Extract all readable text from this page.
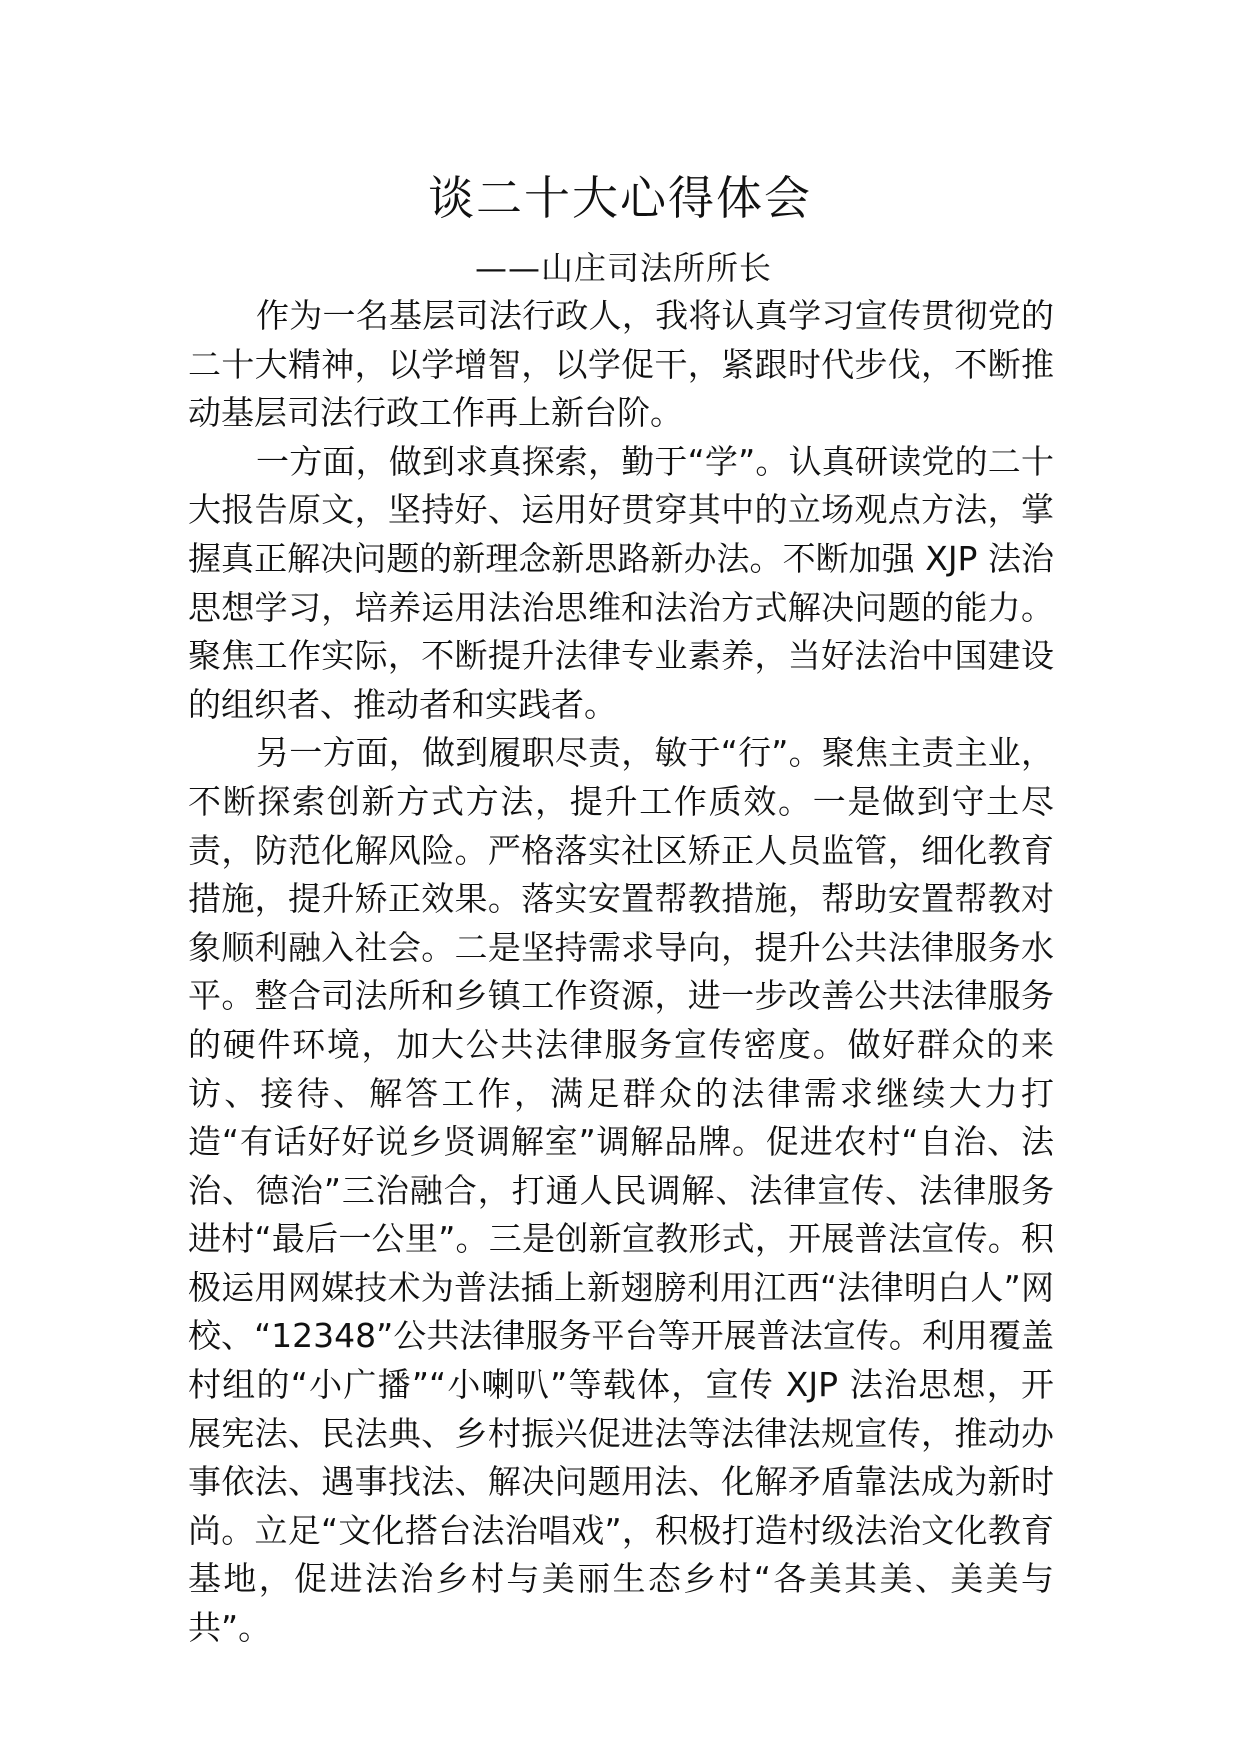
谈二十大心得体会
——山庄司法所所长

作为一名基层司法行政人，我将认真学习宣传贯彻党的二十大精神，以学增智，以学促干，紧跟时代步伐，不断推动基层司法行政工作再上新台阶。

一方面，做到求真探索，勤于“学”。认真研读党的二十大报告原文，坚持好、运用好贯穿其中的立场观点方法，掌握真正解决问题的新理念新思路新办法。不断加强 XJP 法治思想学习，培养运用法治思维和法治方式解决问题的能力。聚焦工作实际，不断提升法律专业素养，当好法治中国建设的组织者、推动者和实践者。

另一方面，做到履职尽责，敏于“行”。聚焦主责主业，不断探索创新方式方法，提升工作质效。一是做到守土尽责，防范化解风险。严格落实社区矫正人员监管，细化教育措施，提升矫正效果。落实安置帮教措施，帮助安置帮教对象顺利融入社会。二是坚持需求导向，提升公共法律服务水平。整合司法所和乡镇工作资源，进一步改善公共法律服务的硬件环境，加大公共法律服务宣传密度。做好群众的来访、接待、解答工作，满足群众的法律需求继续大力打造“有话好好说乡贤调解室”调解品牌。促进农村“自治、法治、德治”三治融合，打通人民调解、法律宣传、法律服务进村“最后一公里”。三是创新宣教形式，开展普法宣传。积极运用网媒技术为普法插上新翅膀利用江西“法律明白人”网校、“12348”公共法律服务平台等开展普法宣传。利用覆盖村组的“小广播”“小喇叭”等载体，宣传 XJP 法治思想，开展宪法、民法典、乡村振兴促进法等法律法规宣传，推动办事依法、遇事找法、解决问题用法、化解矛盾靠法成为新时尚。立足“文化搭台法治唱戏”，积极打造村级法治文化教育基地，促进法治乡村与美丽生态乡村“各美其美、美美与共”。
